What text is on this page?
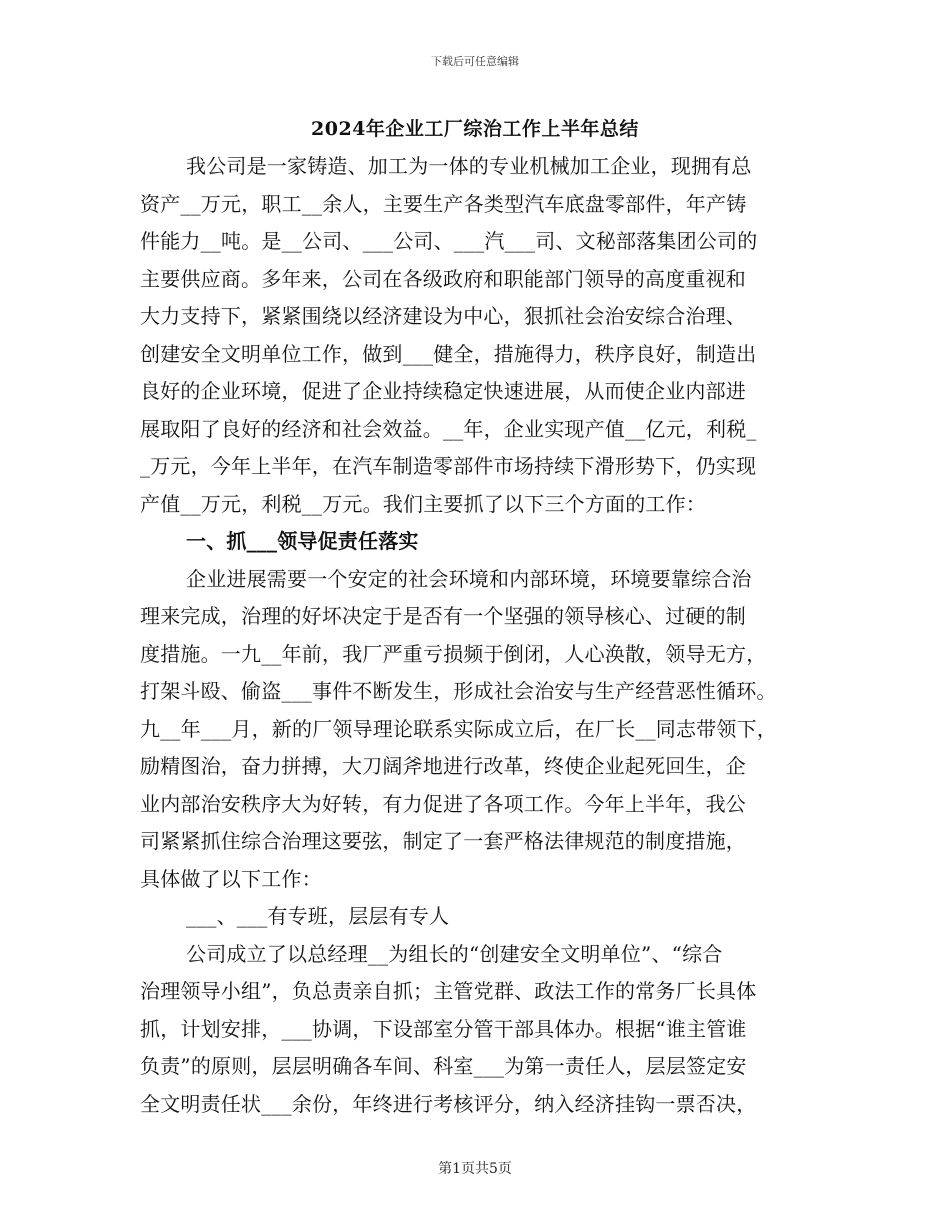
下载后可任意编辑
2024年企业工厂综治工作上半年总结
我公司是一家铸造、加工为一体的专业机械加工企业，现拥有总
资产__万元，职工__余人，主要生产各类型汽车底盘零部件，年产铸
件能力__吨。是__公司、___公司、___汽___司、文秘部落集团公司的
主要供应商。多年来，公司在各级政府和职能部门领导的高度重视和
大力支持下，紧紧围绕以经济建设为中心，狠抓社会治安综合治理、
创建安全文明单位工作，做到___健全，措施得力，秩序良好，制造出
良好的企业环境，促进了企业持续稳定快速进展，从而使企业内部进
展取阳了良好的经济和社会效益。__年，企业实现产值__亿元，利税_
_万元，今年上半年，在汽车制造零部件市场持续下滑形势下，仍实现
产值__万元，利税__万元。我们主要抓了以下三个方面的工作：
一、抓___领导促责任落实
企业进展需要一个安定的社会环境和内部环境，环境要靠综合治
理来完成，治理的好坏决定于是否有一个坚强的领导核心、过硬的制
度措施。一九__年前，我厂严重亏损频于倒闭，人心涣散，领导无方，
打架斗殴、偷盗___事件不断发生，形成社会治安与生产经营恶性循环。
九__年___月，新的厂领导理论联系实际成立后，在厂长__同志带领下，
励精图治，奋力拼搏，大刀阔斧地进行改革，终使企业起死回生，企
业内部治安秩序大为好转，有力促进了各项工作。今年上半年，我公
司紧紧抓住综合治理这要弦，制定了一套严格法律规范的制度措施，
具体做了以下工作：
___、___有专班，层层有专人
公司成立了以总经理__为组长的“创建安全文明单位”、“综合
治理领导小组”，负总责亲自抓；主管党群、政法工作的常务厂长具体
抓，计划安排，___协调，下设部室分管干部具体办。根据“谁主管谁
负责”的原则，层层明确各车间、科室___为第一责任人，层层签定安
全文明责任状___余份，年终进行考核评分，纳入经济挂钩一票否决，
第1页共5页
